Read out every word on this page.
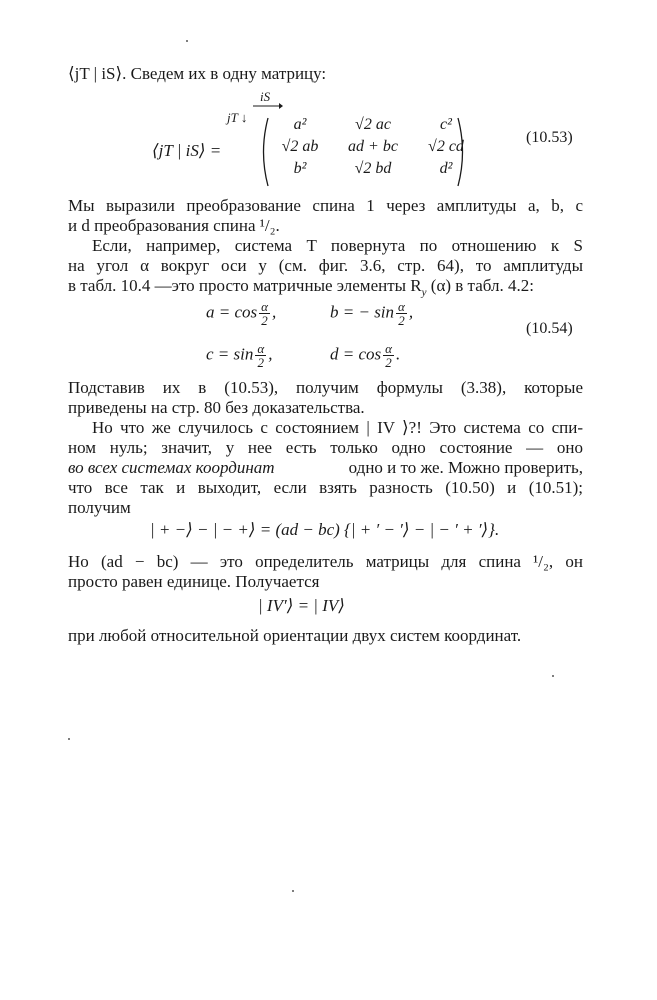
⟨jT | iS⟩. Сведем их в одну матрицу:
iS
jT ↓
⟨jT | iS⟩ =
a²	√2 ac	c²
√2 ab	ad + bc	√2 cd
b²	√2 bd	d²
(10.53)
Мы выразили преобразование спина 1 через амплитуды a, b, c
и d преобразования спина ¹/₂.
Если, например, система T повернута по отношению к S
на угол α вокруг оси y (см. фиг. 3.6, стр. 64), то амплитуды
в табл. 10.4 —это просто матричные элементы $R_y$ (α) в табл. 4.2:
$a = \cos \frac{\alpha}{2}$ ,	b = − $\sin \frac{\alpha}{2}$ ,
(10.54)
$c = \sin \frac{\alpha}{2}$ ,	$d = \cos \frac{\alpha}{2}$ .
Подставив их в (10.53), получим формулы (3.38), которые
приведены на стр. 80 без доказательства.
Но что же случилось с состоянием | IV ⟩?! Это система со спи-
ном нуль; значит, у нее есть только одно состояние — оно
во всех системах координат	одно и то же. Можно проверить,
что все так и выходит, если взять разность (10.50) и (10.51);
получим
| + −⟩ − | − +⟩ = (ad − bc) {| + ′ − ′⟩ − | − ′ + ′⟩}.
Но (ad − bc) — это определитель матрицы для спина ¹/₂, он
просто равен единице. Получается
| IV′⟩ = | IV⟩
при любой относительной ориентации двух систем координат.
